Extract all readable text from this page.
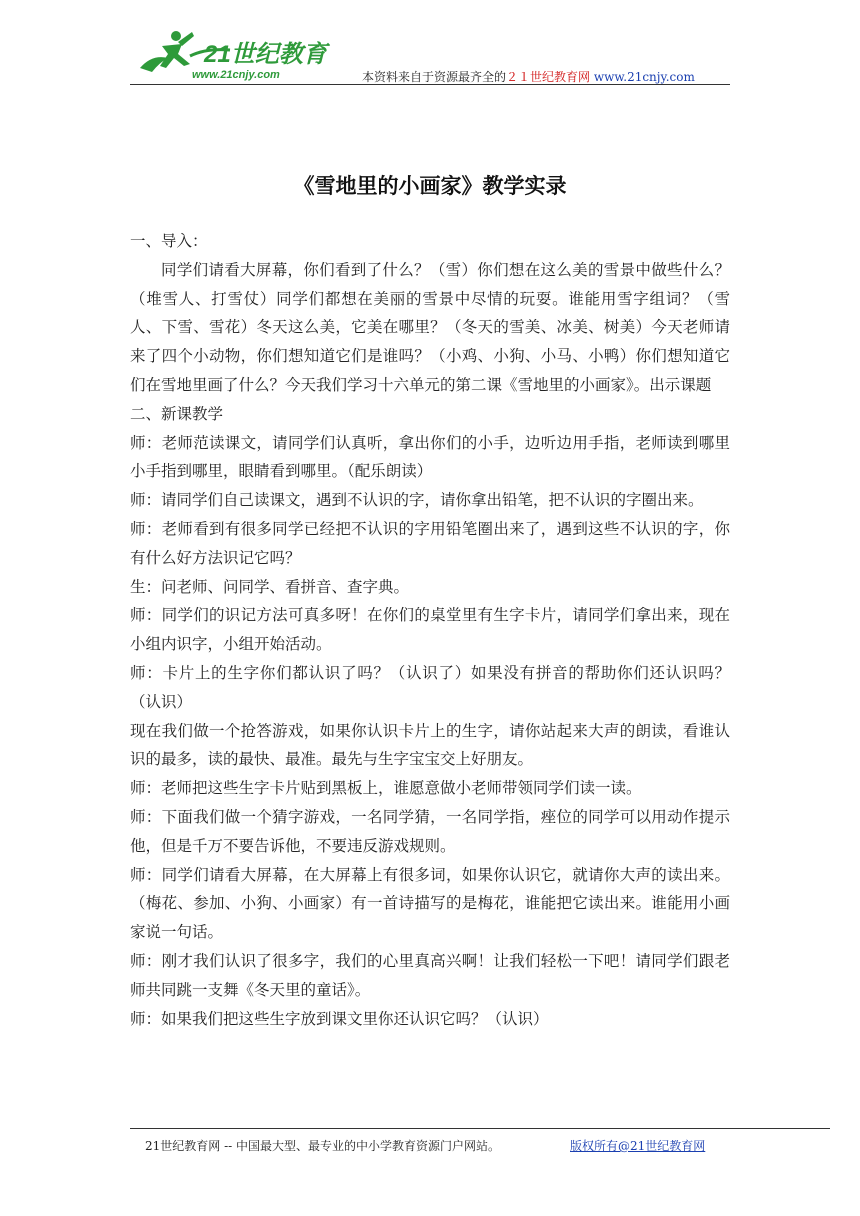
21世纪教育
www.21cnjy.com	本资料来自于资源最齐全的２１世纪教育网 www.21cnjy.com
《雪地里的小画家》教学实录

一、导入：

同学们请看大屏幕，你们看到了什么？（雪）你们想在这么美的雪景中做些什么？（堆雪人、打雪仗）同学们都想在美丽的雪景中尽情的玩耍。谁能用雪字组词？（雪人、下雪、雪花）冬天这么美，它美在哪里？（冬天的雪美、冰美、树美）今天老师请来了四个小动物，你们想知道它们是谁吗？（小鸡、小狗、小马、小鸭）你们想知道它们在雪地里画了什么？今天我们学习十六单元的第二课《雪地里的小画家》。出示课题

二、新课教学

师：老师范读课文，请同学们认真听，拿出你们的小手，边听边用手指，老师读到哪里小手指到哪里，眼睛看到哪里。（配乐朗读）

师：请同学们自己读课文，遇到不认识的字，请你拿出铅笔，把不认识的字圈出来。

师：老师看到有很多同学已经把不认识的字用铅笔圈出来了，遇到这些不认识的字，你有什么好方法识记它吗？

生：问老师、问同学、看拼音、查字典。

师：同学们的识记方法可真多呀！在你们的桌堂里有生字卡片，请同学们拿出来，现在小组内识字，小组开始活动。

师：卡片上的生字你们都认识了吗？（认识了）如果没有拼音的帮助你们还认识吗？（认识）

现在我们做一个抢答游戏，如果你认识卡片上的生字，请你站起来大声的朗读，看谁认识的最多，读的最快、最准。最先与生字宝宝交上好朋友。

师：老师把这些生字卡片贴到黑板上，谁愿意做小老师带领同学们读一读。

师：下面我们做一个猜字游戏，一名同学猜，一名同学指，痤位的同学可以用动作提示他，但是千万不要告诉他，不要违反游戏规则。

师：同学们请看大屏幕，在大屏幕上有很多词，如果你认识它，就请你大声的读出来。（梅花、参加、小狗、小画家）有一首诗描写的是梅花，谁能把它读出来。谁能用小画家说一句话。

师：刚才我们认识了很多字，我们的心里真高兴啊！让我们轻松一下吧！请同学们跟老师共同跳一支舞《冬天里的童话》。

师：如果我们把这些生字放到课文里你还认识它吗？（认识）

21世纪教育网 -- 中国最大型、最专业的中小学教育资源门户网站。	版权所有@21世纪教育网
